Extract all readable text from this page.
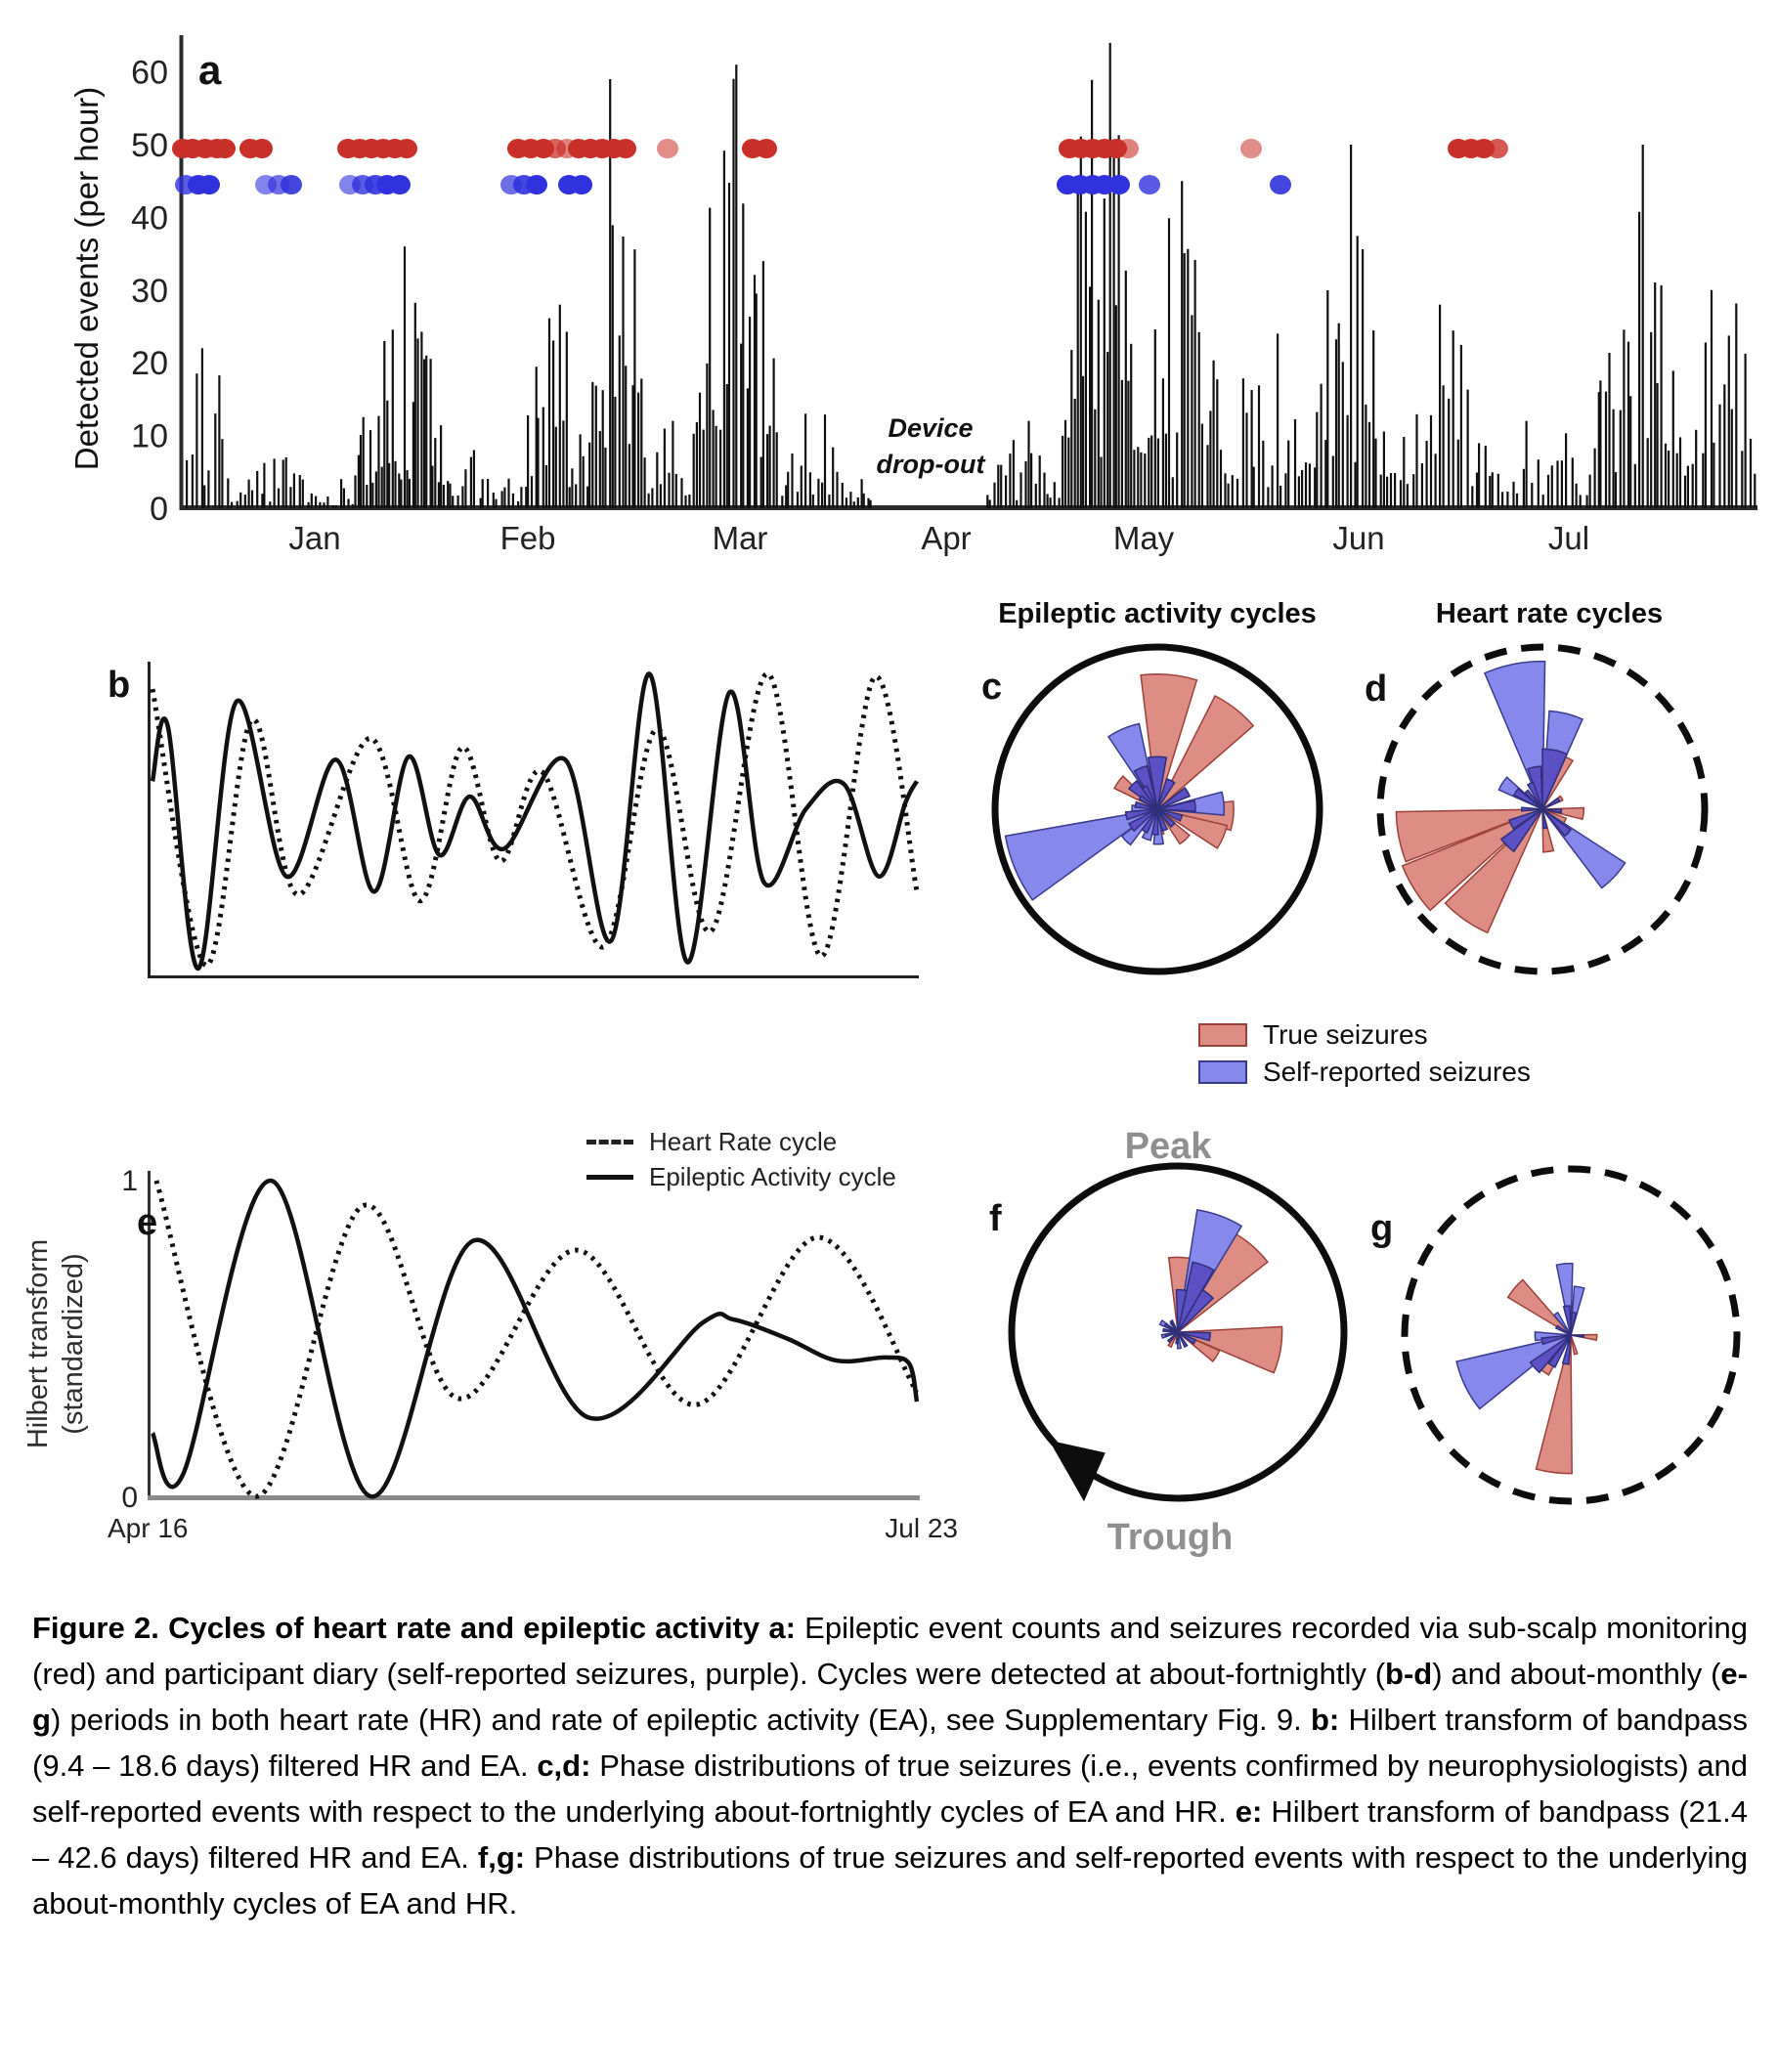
0
10
20
30
40
50
60
Detected events (per hour)
Jan	Feb	Mar	Apr	May	Jun	Jul
Device
drop-out
a
b
Epileptic activity cycles	Heart rate cycles
c	d
True seizures
Self-reported seizures
1
0
Hilbert transform (standardized)
e
Apr 16	Jul 23
Heart Rate cycle
Epileptic Activity cycle
Peak
Trough
f	g

Figure 2. Cycles of heart rate and epileptic activity a: Epileptic event counts and seizures recorded via sub-scalp monitoring (red) and participant diary (self-reported seizures, purple). Cycles were detected at about-fortnightly (b-d) and about-monthly (e-g) periods in both heart rate (HR) and rate of epileptic activity (EA), see Supplementary Fig. 9. b: Hilbert transform of bandpass (9.4 – 18.6 days) filtered HR and EA. c,d: Phase distributions of true seizures (i.e., events confirmed by neurophysiologists) and self-reported events with respect to the underlying about-fortnightly cycles of EA and HR. e: Hilbert transform of bandpass (21.4 – 42.6 days) filtered HR and EA. f,g: Phase distributions of true seizures and self-reported events with respect to the underlying about-monthly cycles of EA and HR.
